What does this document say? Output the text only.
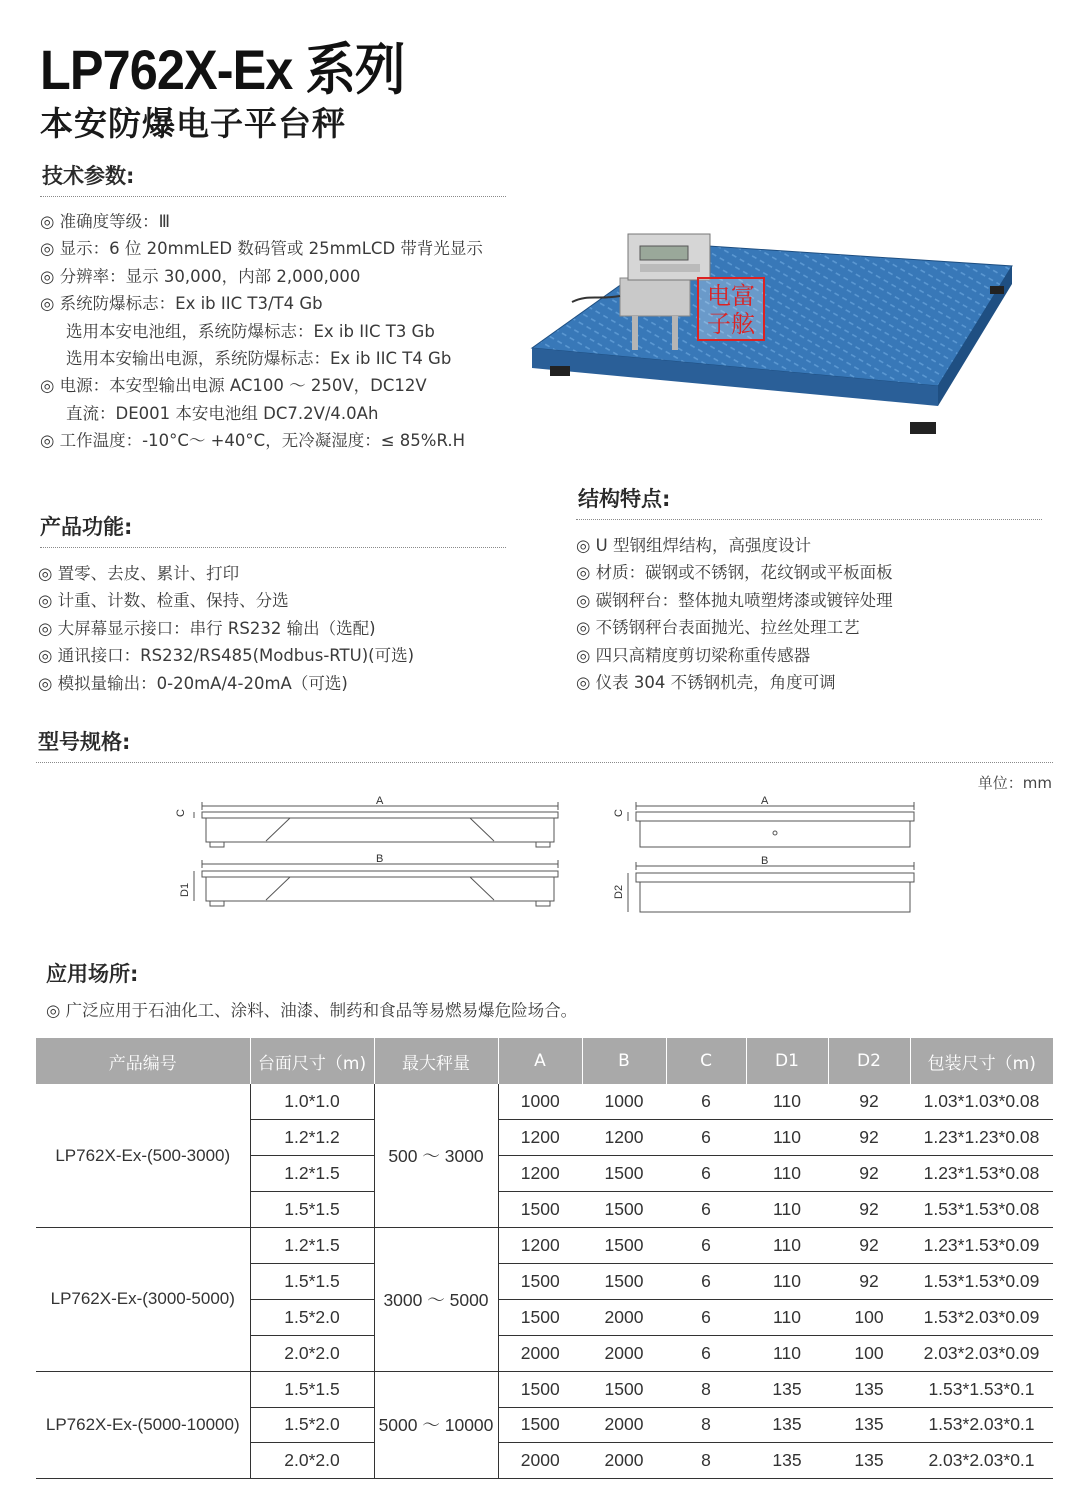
LP762X-Ex 系列
本安防爆电子平台秤
技术参数:
◎ 准确度等级：Ⅲ
◎ 显示：6 位 20mmLED 数码管或 25mmLCD 带背光显示
◎ 分辨率：显示 30,000，内部 2,000,000
◎ 系统防爆标志：Ex ib IIC T3/T4 Gb
选用本安电池组，系统防爆标志：Ex ib IIC T3 Gb
选用本安输出电源，系统防爆标志：Ex ib IIC T4 Gb
◎ 电源：本安型输出电源 AC100 ～ 250V，DC12V
直流：DE001 本安电池组 DC7.2V/4.0Ah
◎ 工作温度：-10°C～ +40°C，无冷凝湿度：≤ 85%R.H
电富
子舷
产品功能:
◎ 置零、去皮、累计、打印
◎ 计重、计数、检重、保持、分选
◎ 大屏幕显示接口：串行 RS232 输出（选配)
◎ 通讯接口：RS232/RS485(Modbus-RTU)(可选)
◎ 模拟量输出：0-20mA/4-20mA（可选)
结构特点:
◎ U 型钢组焊结构，高强度设计
◎ 材质：碳钢或不锈钢，花纹钢或平板面板
◎ 碳钢秤台：整体抛丸喷塑烤漆或镀锌处理
◎ 不锈钢秤台表面抛光、拉丝处理工艺
◎ 四只高精度剪切梁称重传感器
◎ 仪表 304 不锈钢机壳，角度可调
型号规格:
单位：mm
A
B
A
B
C	C
D1	D2
应用场所:
◎ 广泛应用于石油化工、涂料、油漆、制药和食品等易燃易爆危险场合。
产品编号	台面尺寸（m)	最大秤量	A	B	C	D1	D2	包装尺寸（m)
LP762X-Ex-(500-3000)	1.0*1.0	500 ～ 3000	1000	1000	6	110	92	1.03*1.03*0.08
	1.2*1.2		1200	1200	6	110	92	1.23*1.23*0.08
	1.2*1.5		1200	1500	6	110	92	1.23*1.53*0.08
	1.5*1.5		1500	1500	6	110	92	1.53*1.53*0.08
LP762X-Ex-(3000-5000)	1.2*1.5	3000 ～ 5000	1200	1500	6	110	92	1.23*1.53*0.09
	1.5*1.5		1500	1500	6	110	92	1.53*1.53*0.09
	1.5*2.0		1500	2000	6	110	100	1.53*2.03*0.09
	2.0*2.0		2000	2000	6	110	100	2.03*2.03*0.09
LP762X-Ex-(5000-10000)	1.5*1.5	5000 ～ 10000	1500	1500	8	135	135	1.53*1.53*0.1
	1.5*2.0		1500	2000	8	135	135	1.53*2.03*0.1
	2.0*2.0		2000	2000	8	135	135	2.03*2.03*0.1
